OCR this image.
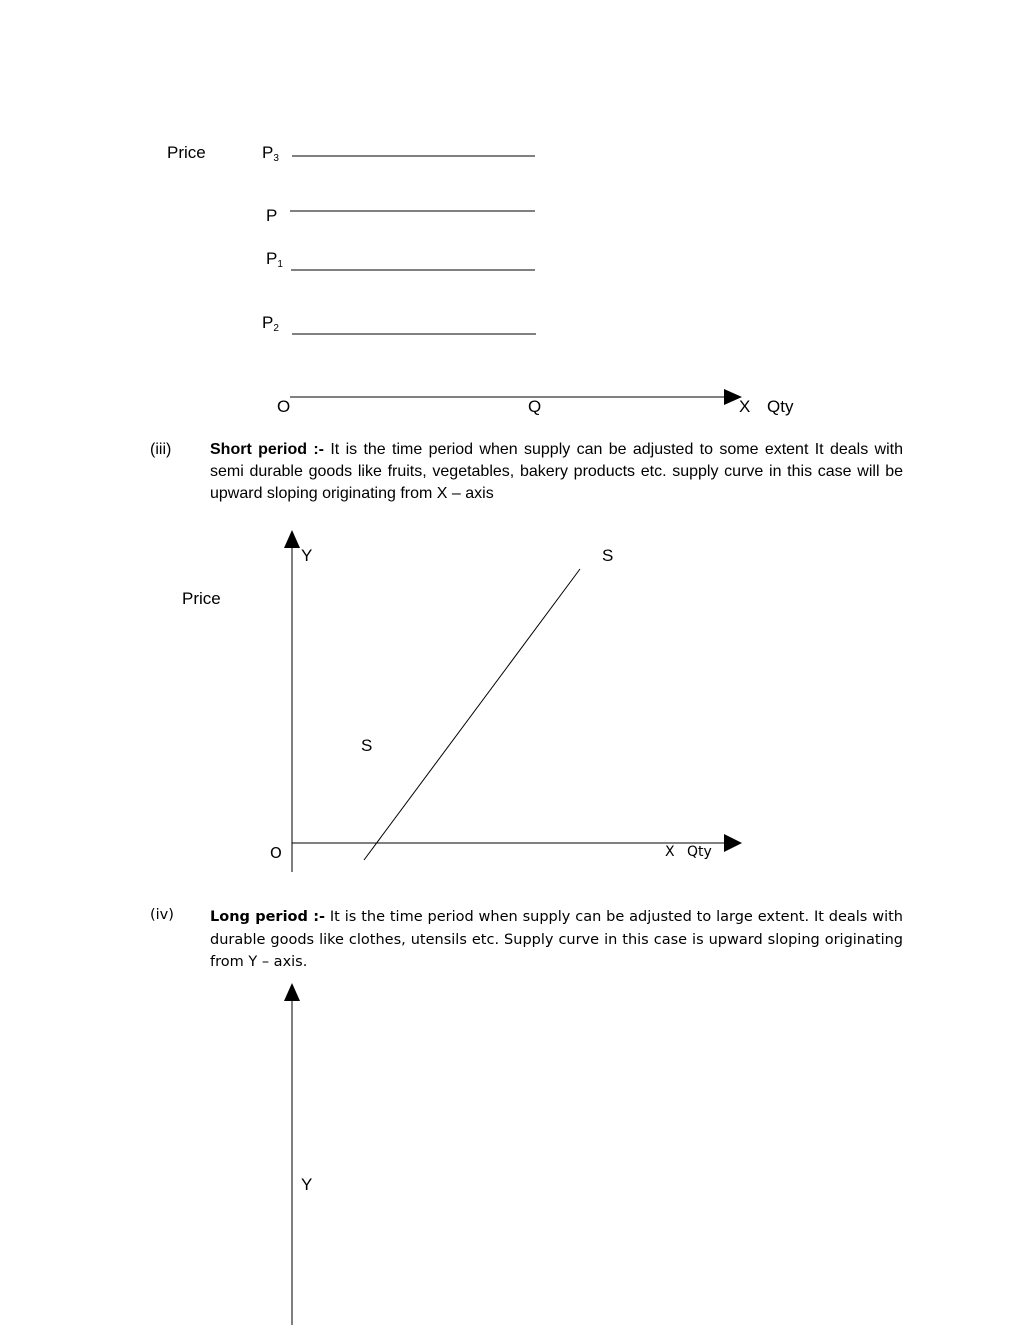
Price	$P_3$
P
$P_1$
$P_2$
O	Q	X Qty
(iii) Short period :- It is the time period when supply can be adjusted to some extent It deals with semi durable goods like fruits, vegetables, bakery products etc. supply curve in this case will be upward sloping originating from X – axis
Y
Price
S
S
O	X Qty
(iv) Long period :- It is the time period when supply can be adjusted to large extent. It deals with durable goods like clothes, utensils etc. Supply curve in this case is upward sloping originating from Y – axis.
Y
